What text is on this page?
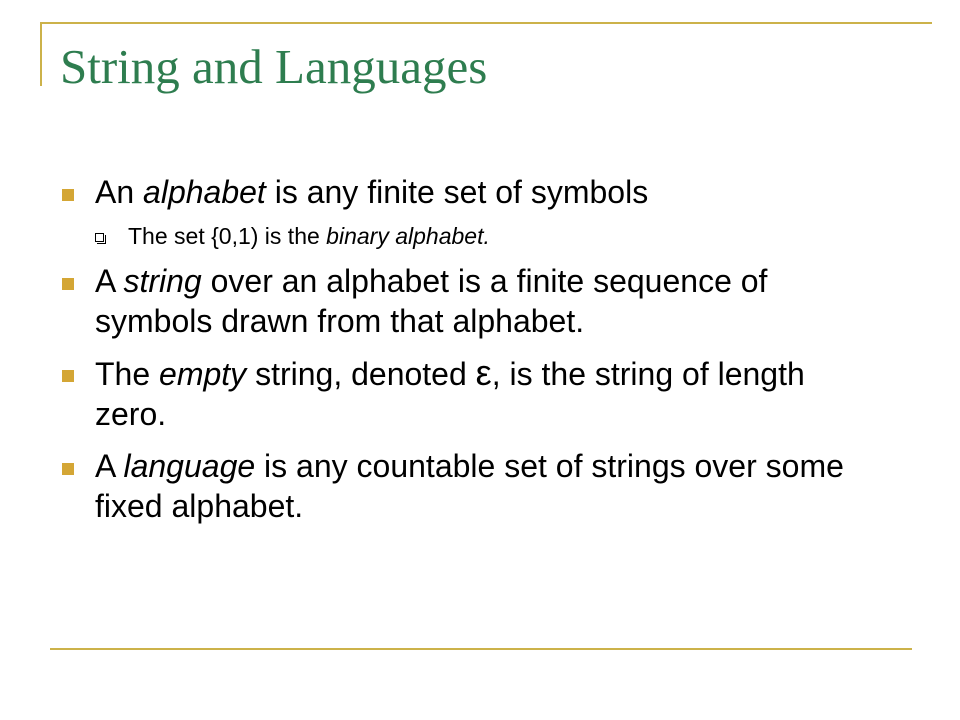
String and Languages
An alphabet is any finite set of symbols
The set {0,1) is the binary alphabet.
A string over an alphabet is a finite sequence of symbols drawn from that alphabet.
The empty string, denoted ε, is the string of length zero.
A language is any countable set of strings over some fixed alphabet.
